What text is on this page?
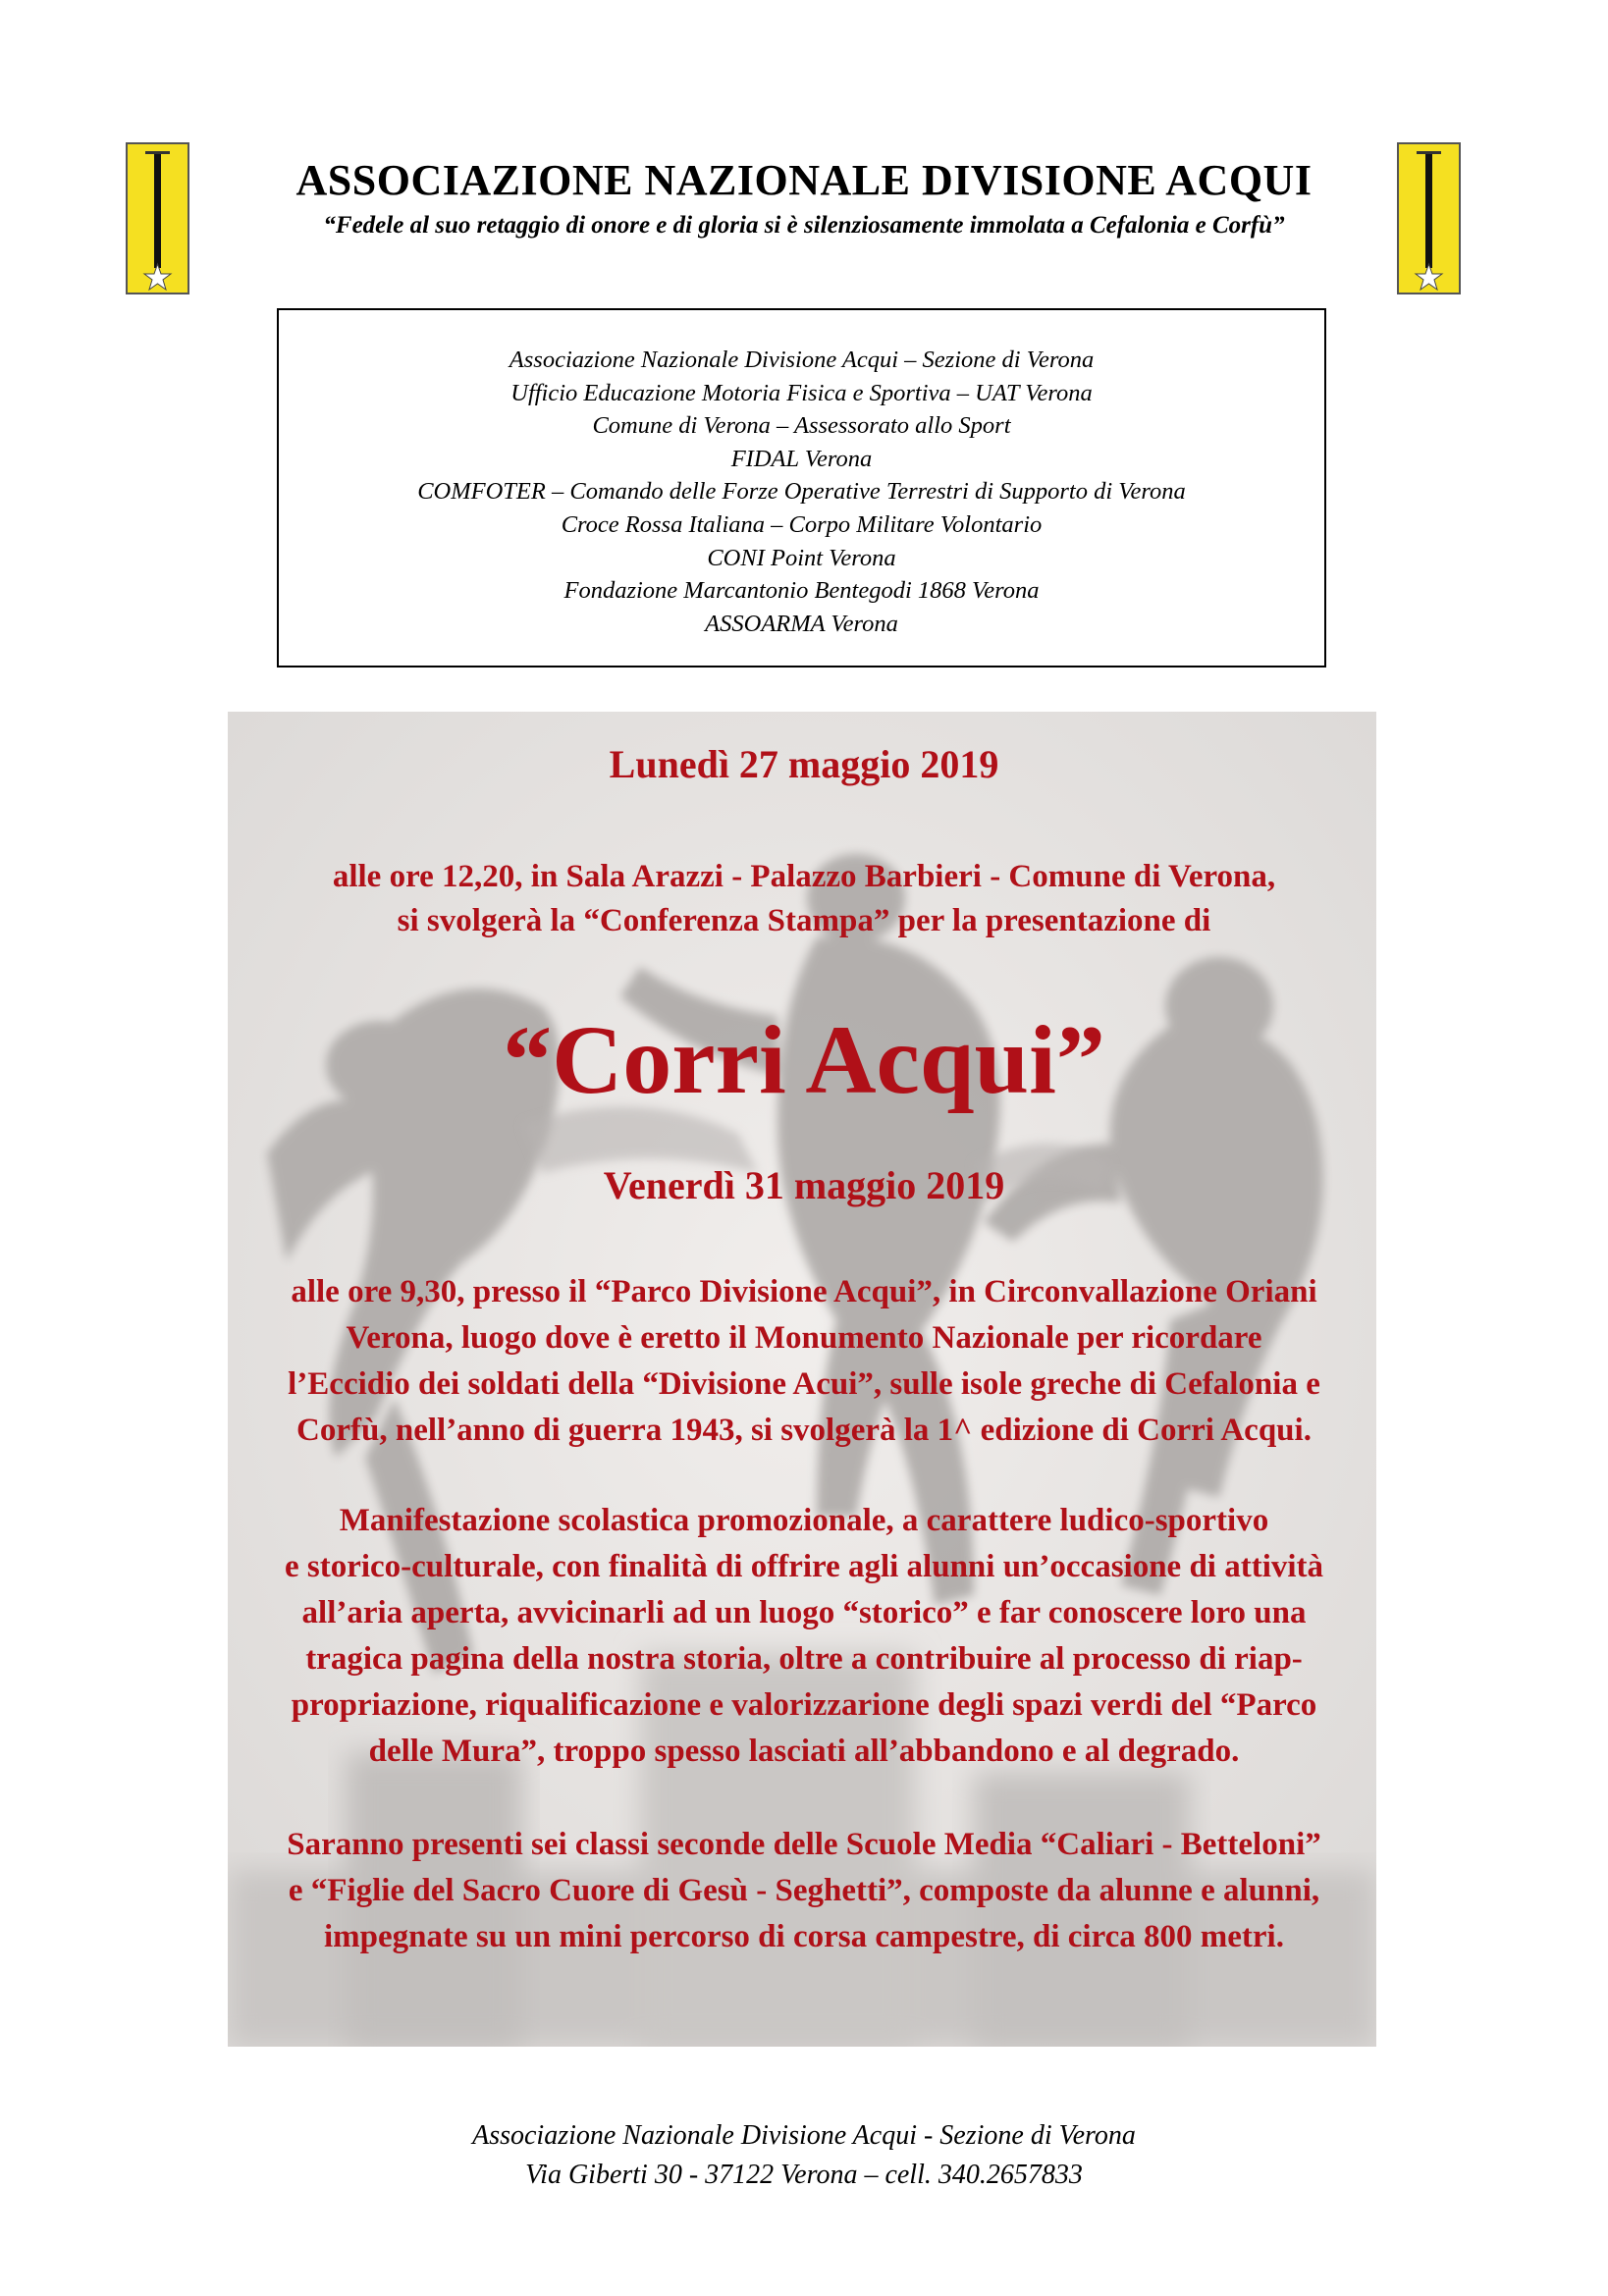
ASSOCIAZIONE NAZIONALE DIVISIONE ACQUI

“Fedele al suo retaggio di onore e di gloria si è silenziosamente immolata a Cefalonia e Corfù”

Associazione Nazionale Divisione Acqui – Sezione di Verona
Ufficio Educazione Motoria Fisica e Sportiva – UAT Verona
Comune di Verona – Assessorato allo Sport
FIDAL Verona
COMFOTER – Comando delle Forze Operative Terrestri di Supporto di Verona
Croce Rossa Italiana – Corpo Militare Volontario
CONI Point Verona
Fondazione Marcantonio Bentegodi 1868 Verona
ASSOARMA Verona
Lunedì 27 maggio 2019
alle ore 12,20, in Sala Arazzi - Palazzo Barbieri - Comune di Verona,
si svolgerà la “Conferenza Stampa” per la presentazione di
“Corri Acqui”
Venerdì 31 maggio 2019
alle ore 9,30, presso il “Parco Divisione Acqui”, in Circonvallazione Oriani
Verona, luogo dove è eretto il Monumento Nazionale per ricordare
l’Eccidio dei soldati della “Divisione Acui”, sulle isole greche di Cefalonia e
Corfù, nell’anno di guerra 1943, si svolgerà la 1^ edizione di Corri Acqui.
Manifestazione scolastica promozionale, a carattere ludico-sportivo
e storico-culturale, con finalità di offrire agli alunni un’occasione di attività
all’aria aperta, avvicinarli ad un luogo “storico” e far conoscere loro una
tragica pagina della nostra storia, oltre a contribuire al processo di riap-
propriazione, riqualificazione e valorizzarione degli spazi verdi del “Parco
delle Mura”, troppo spesso lasciati all’abbandono e al degrado.
Saranno presenti sei classi seconde delle Scuole Media “Caliari - Betteloni”
e “Figlie del Sacro Cuore di Gesù - Seghetti”, composte da alunne e alunni,
impegnate su un mini percorso di corsa campestre, di circa 800 metri.
Associazione Nazionale Divisione Acqui - Sezione di Verona
Via Giberti 30 - 37122 Verona – cell. 340.2657833
